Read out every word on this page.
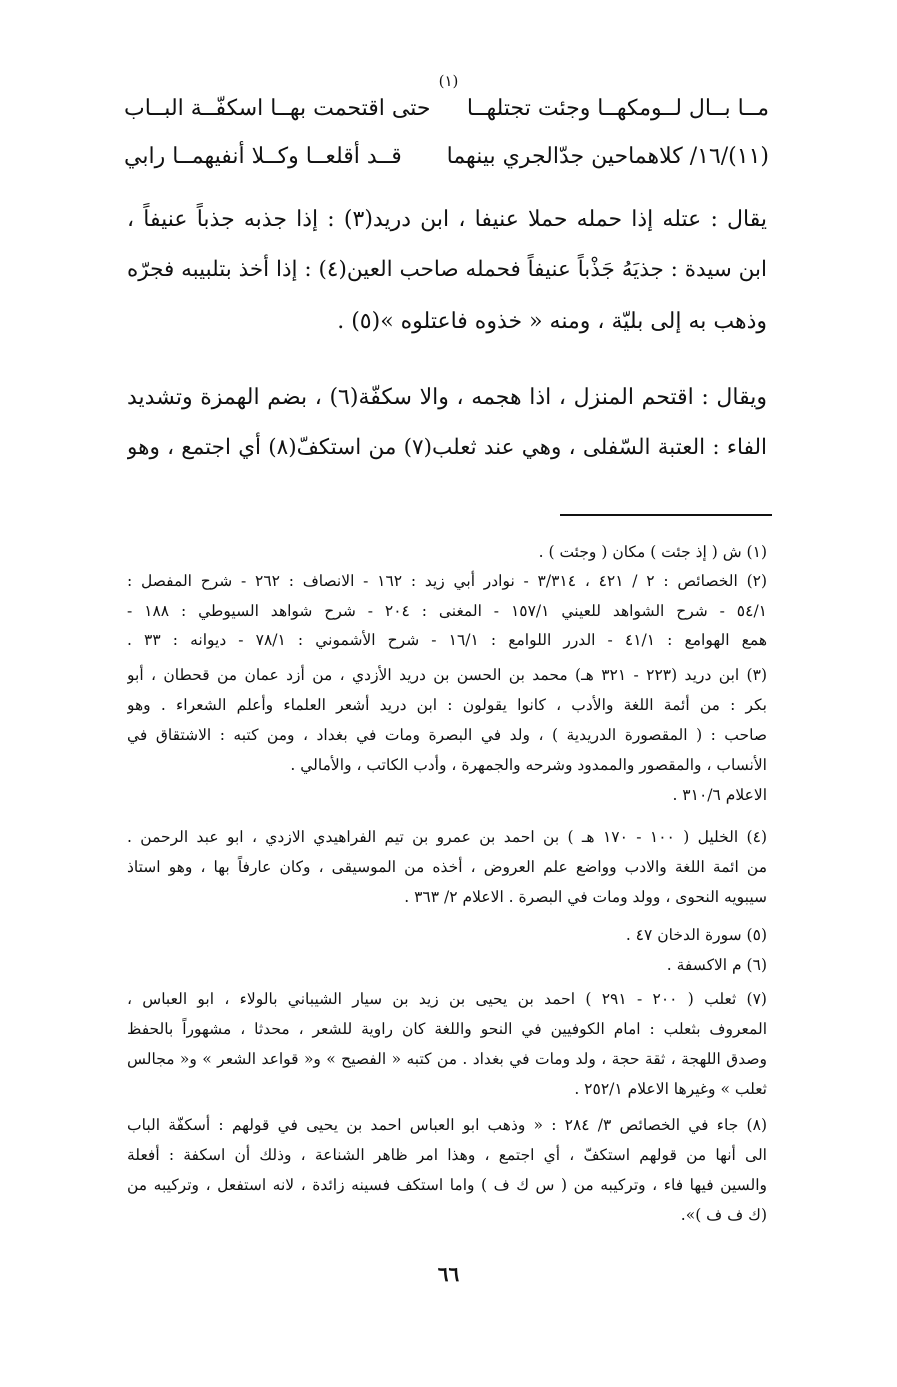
(١)
مــا بــال لــومكهــا وجئت تجتلهــا
حتى اقتحمت بهــا اسكفّــة البــاب
(١١)/١٦/ كلاهماحين جدّالجري بينهما
قــد أقلعــا وكــلا أنفيهمــا رابي
يقال : عتله إذا حمله حملا عنيفا ، ابن دريد(٣) : إذا جذبه جذباً عنيفاً ،
ابن سيدة : جذيَهُ جَذْباً عنيفاً فحمله صاحب العين(٤) : إذا أخذ بتلبيبه فجرّه
وذهب به إلى بليّة ، ومنه « خذوه فاعتلوه »(٥) .
ويقال : اقتحم المنزل ، اذا هجمه ، والا سكفّة(٦) ، بضم الهمزة وتشديد
الفاء : العتبة السّفلى ، وهي عند ثعلب(٧) من استكفّ(٨) أي اجتمع ، وهو
(١) ش ( إذ جئت ) مكان ( وجئت ) .
(٢) الخصائص : ٢ / ٤٢١ ، ٣/٣١٤ - نوادر أبي زيد : ١٦٢ - الانصاف : ٢٦٢ - شرح المفصل :
٥٤/١ - شرح الشواهد للعيني ١٥٧/١ - المغنى : ٢٠٤ - شرح شواهد السيوطي : ١٨٨ -
همع الهوامع : ٤١/١ - الدرر اللوامع : ١٦/١ - شرح الأشموني : ٧٨/١ - ديوانه : ٣٣ .
(٣) ابن دريد (٢٢٣ - ٣٢١ هـ) محمد بن الحسن بن دريد الأزدي ، من أزد عمان من قحطان ، أبو
بكر : من أئمة اللغة والأدب ، كانوا يقولون : ابن دريد أشعر العلماء وأعلم الشعراء . وهو
صاحب : ( المقصورة الدريدية ) ، ولد في البصرة ومات في بغداد ، ومن كتبه : الاشتقاق في
الأنساب ، والمقصور والممدود وشرحه والجمهرة ، وأدب الكاتب ، والأمالي .
الاعلام ٣١٠/٦ .
(٤) الخليل ( ١٠٠ - ١٧٠ هـ ) بن احمد بن عمرو بن تيم الفراهيدي الازدي ، ابو عبد الرحمن .
من ائمة اللغة والادب وواضع علم العروض ، أخذه من الموسيقى ، وكان عارفاً بها ، وهو استاذ
سيبويه النحوى ، وولد ومات في البصرة . الاعلام ٢/ ٣٦٣ .
(٥) سورة الدخان ٤٧ .
(٦) م الاكسفة .
(٧) ثعلب ( ٢٠٠ - ٢٩١ ) احمد بن يحيى بن زيد بن سيار الشيباني بالولاء ، ابو العباس ،
المعروف بثعلب : امام الكوفيين في النحو واللغة كان راوية للشعر ، محدثا ، مشهوراً بالحفظ
وصدق اللهجة ، ثقة حجة ، ولد ومات في بغداد . من كتبه « الفصيح » و« قواعد الشعر » و« مجالس
ثعلب » وغيرها الاعلام ٢٥٢/١ .
(٨) جاء في الخصائص ٣/ ٢٨٤ : « وذهب ابو العباس احمد بن يحيى في قولهم : أسكفّة الباب
الى أنها من قولهم استكفّ ، أي اجتمع ، وهذا امر ظاهر الشناعة ، وذلك أن اسكفة : أفعلة
والسين فيها فاء ، وتركيبه من ( س ك ف ) واما استكف فسينه زائدة ، لانه استفعل ، وتركيبه من
(ك ف ف )».
٦٦
